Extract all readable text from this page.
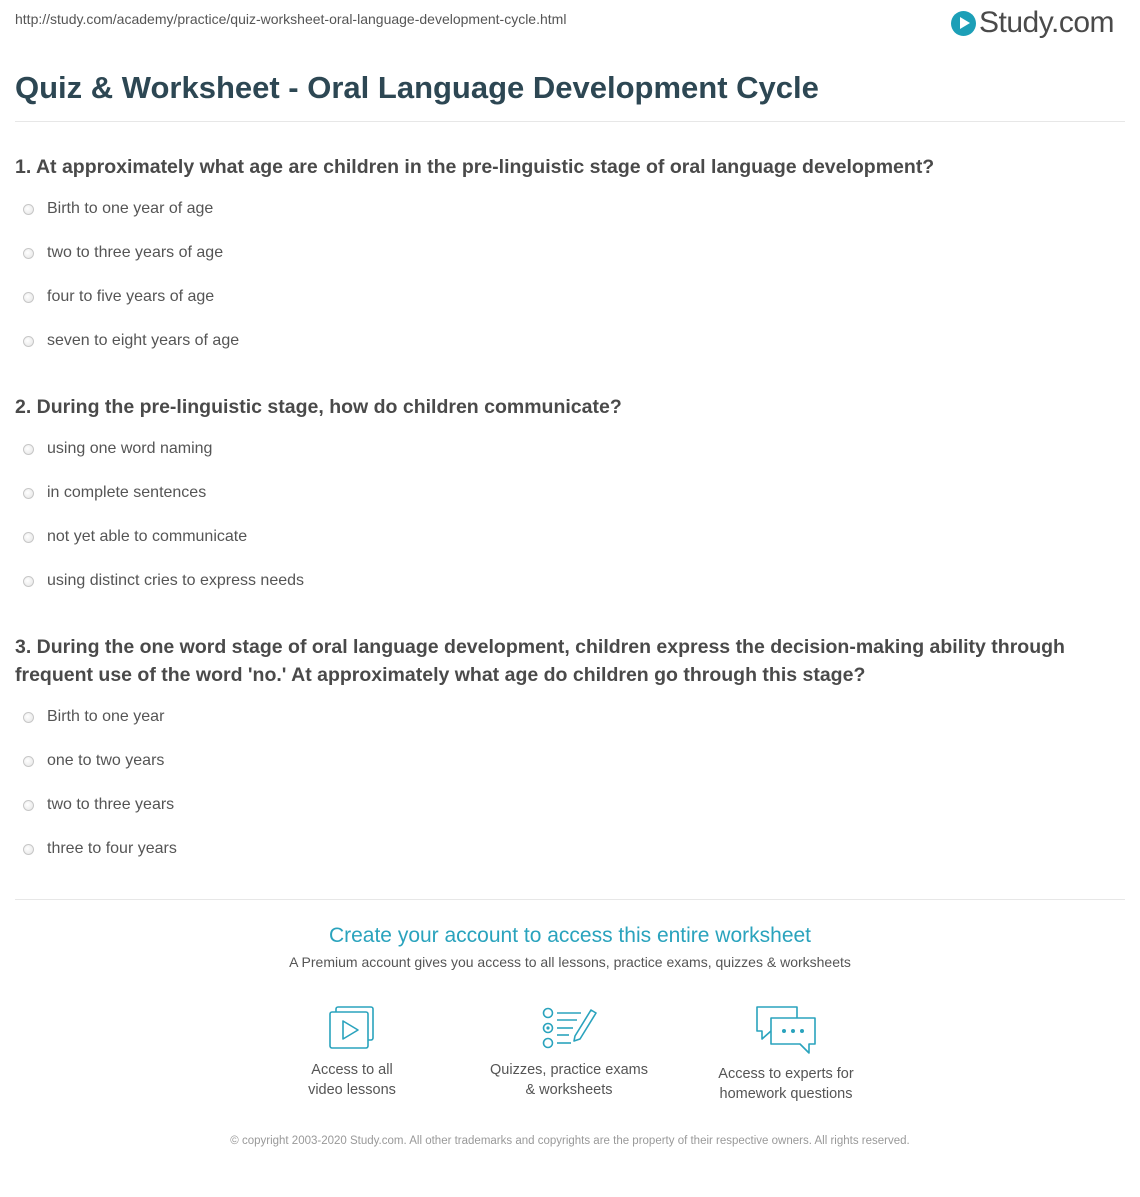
http://study.com/academy/practice/quiz-worksheet-oral-language-development-cycle.html	Study.com
Quiz & Worksheet - Oral Language Development Cycle
1. At approximately what age are children in the pre-linguistic stage of oral language development?
Birth to one year of age
two to three years of age
four to five years of age
seven to eight years of age
2. During the pre-linguistic stage, how do children communicate?
using one word naming
in complete sentences
not yet able to communicate
using distinct cries to express needs
3. During the one word stage of oral language development, children express the decision-making ability through frequent use of the word 'no.' At approximately what age do children go through this stage?
Birth to one year
one to two years
two to three years
three to four years
Create your account to access this entire worksheet
A Premium account gives you access to all lessons, practice exams, quizzes & worksheets
Access to all
video lessons
Quizzes, practice exams
& worksheets
Access to experts for
homework questions
© copyright 2003-2020 Study.com. All other trademarks and copyrights are the property of their respective owners. All rights reserved.
